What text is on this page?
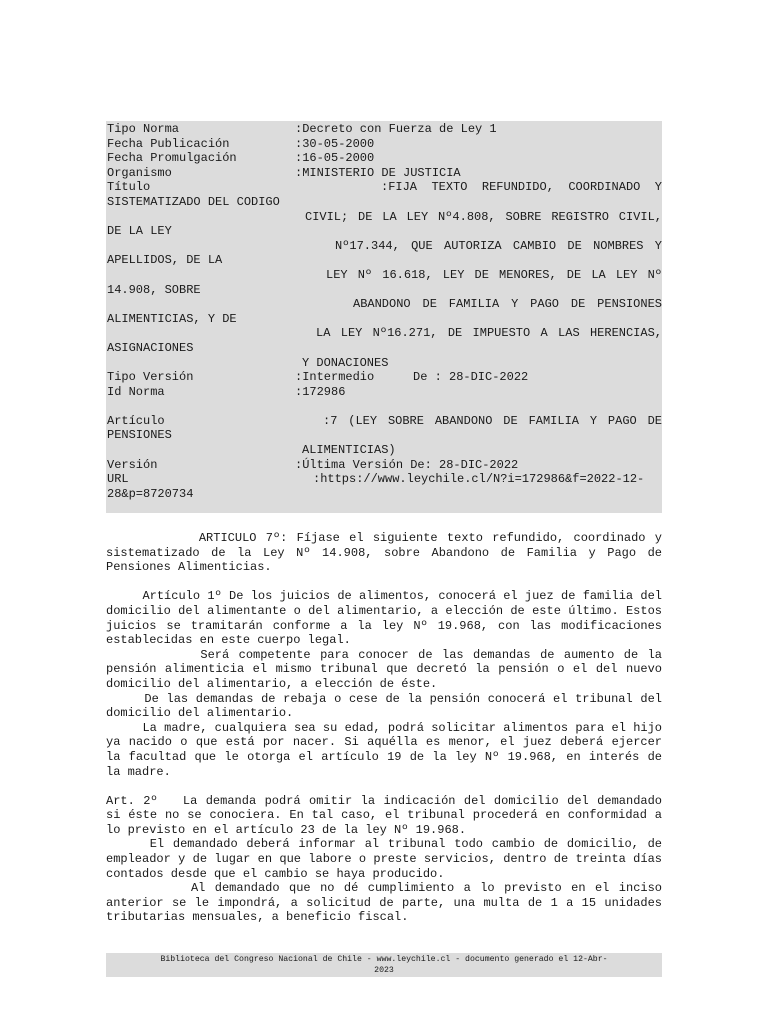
Tipo Norma

	:Decreto con Fuerza de Ley 1

Fecha Publicación

	:30-05-2000

Fecha Promulgación

	:16-05-2000

Organismo

	:MINISTERIO DE JUSTICIA

Título

	:FIJA TEXTO REFUNDIDO, COORDINADO Y

SISTEMATIZADO DEL CODIGO
CIVIL; DE LA LEY Nº4.808, SOBRE REGISTRO CIVIL,
DE LA LEY
Nº17.344, QUE AUTORIZA CAMBIO DE NOMBRES Y
APELLIDOS, DE LA
LEY Nº 16.618, LEY DE MENORES, DE LA LEY Nº
14.908, SOBRE
ABANDONO DE FAMILIA Y PAGO DE PENSIONES
ALIMENTICIAS, Y DE
LA LEY Nº16.271, DE IMPUESTO A LAS HERENCIAS,
ASIGNACIONES
Y DONACIONES

Tipo Versión

	:Intermedio

	De : 28-DIC-2022

Id Norma

	:172986

Artículo

	:7 (LEY SOBRE ABANDONO DE FAMILIA Y PAGO DE

PENSIONES
ALIMENTICIAS)

Versión

	:Última Versión De: 28-DIC-2022

URL

	:https://www.leychile.cl/N?i=172986&f=2022-12-

28&p=8720734

ARTICULO 7º: Fíjase el siguiente texto refundido, coordinado y sistematizado de la Ley Nº 14.908, sobre Abandono de Familia y Pago de Pensiones Alimenticias.

Artículo 1º De los juicios de alimentos, conocerá el juez de familia del domicilio del alimentante o del alimentario, a elección de este último. Estos juicios se tramitarán conforme a la ley Nº 19.968, con las modificaciones establecidas en este cuerpo legal.

Será competente para conocer de las demandas de aumento de la pensión alimenticia el mismo tribunal que decretó la pensión o el del nuevo domicilio del alimentario, a elección de éste.

De las demandas de rebaja o cese de la pensión conocerá el tribunal del domicilio del alimentario.

La madre, cualquiera sea su edad, podrá solicitar alimentos para el hijo ya nacido o que está por nacer. Si aquélla es menor, el juez deberá ejercer la facultad que le otorga el artículo 19 de la ley Nº 19.968, en interés de la madre.

Art. 2º   La demanda podrá omitir la indicación del domicilio del demandado si éste no se conociera. En tal caso, el tribunal procederá en conformidad a lo previsto en el artículo 23 de la ley Nº 19.968.

El demandado deberá informar al tribunal todo cambio de domicilio, de empleador y de lugar en que labore o preste servicios, dentro de treinta días contados desde que el cambio se haya producido.

Al demandado que no dé cumplimiento a lo previsto en el inciso anterior se le impondrá, a solicitud de parte, una multa de 1 a 15 unidades tributarias mensuales, a beneficio fiscal.

Biblioteca del Congreso Nacional de Chile - www.leychile.cl - documento generado el 12-Abr-
2023
